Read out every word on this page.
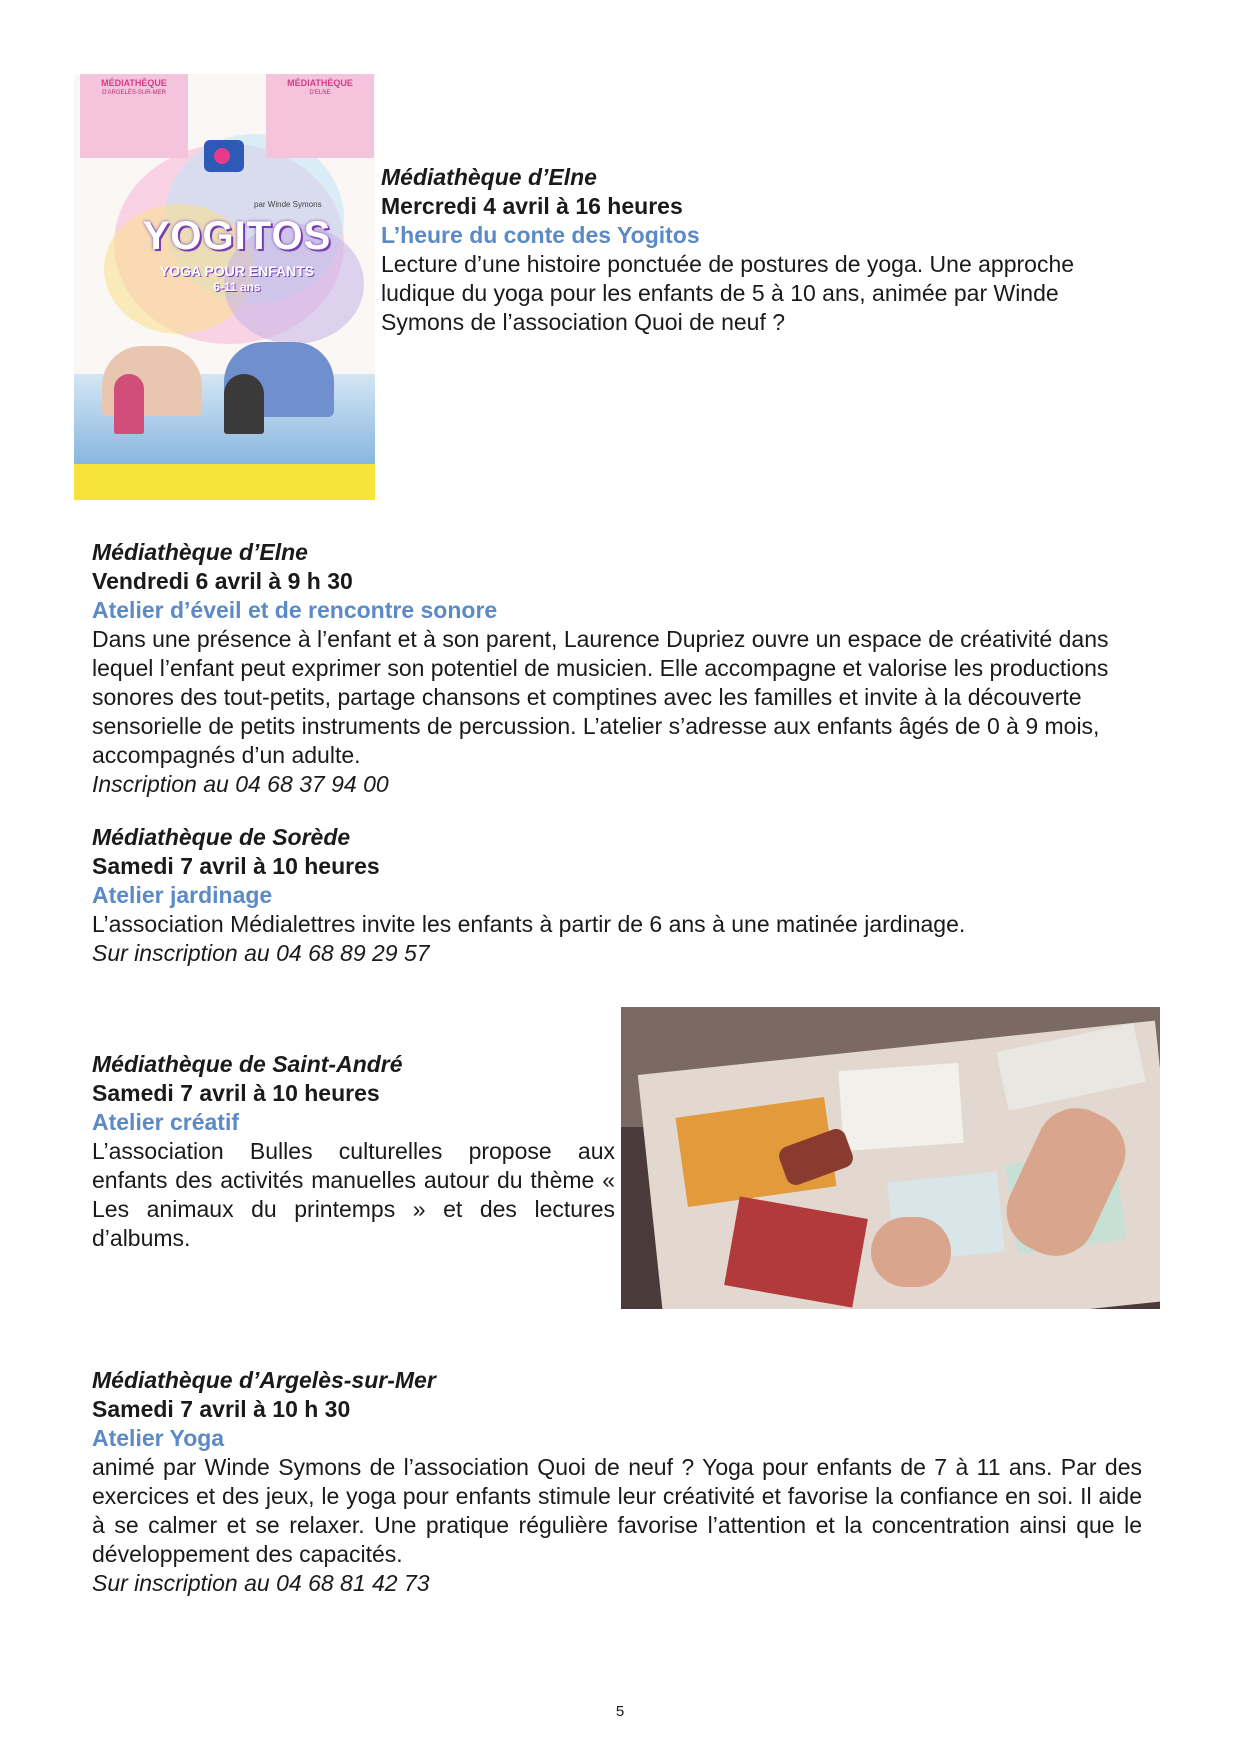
MÉDIATHÈQUE
D'ARGELÈS-SUR-MER
MÉDIATHÈQUE
D'ELNE
par Winde Symons
YOGITOS
YOGA POUR ENFANTS
6-11 ans
Médiathèque d’Elne
Mercredi 4 avril à 16 heures
L’heure du conte des Yogitos
Lecture d’une histoire ponctuée de postures de yoga. Une approche ludique du yoga pour les enfants de 5 à 10 ans, animée par Winde Symons de l’association Quoi de neuf ?
Médiathèque d’Elne
Vendredi 6 avril à 9 h 30
Atelier d’éveil et de rencontre sonore
Dans une présence à l’enfant et à son parent, Laurence Dupriez ouvre un espace de créativité dans lequel l’enfant peut exprimer son potentiel de musicien. Elle accompagne et valorise les productions sonores des tout-petits, partage chansons et comptines avec les familles et invite à la découverte sensorielle de petits instruments de percussion. L’atelier s’adresse aux enfants âgés de 0 à 9 mois, accompagnés d’un adulte.
Inscription au 04 68 37 94 00
Médiathèque de Sorède
Samedi 7 avril à 10 heures
Atelier jardinage
L’association Médialettres invite les enfants à partir de 6 ans à une matinée jardinage.
Sur inscription au 04 68 89 29 57
Médiathèque de Saint-André
Samedi 7 avril à 10 heures
Atelier créatif
L’association Bulles culturelles propose aux enfants des activités manuelles autour du thème « Les animaux du printemps » et des lectures d’albums.
Médiathèque d’Argelès-sur-Mer
Samedi 7 avril à 10 h 30
Atelier Yoga
animé par Winde Symons de l’association Quoi de neuf ? Yoga pour enfants de 7 à 11 ans. Par des exercices et des jeux, le yoga pour enfants stimule leur créativité et favorise la confiance en soi. Il aide à se calmer et se relaxer. Une pratique régulière favorise l’attention et la concentration ainsi que le développement des capacités.
Sur inscription au 04 68 81 42 73
5
